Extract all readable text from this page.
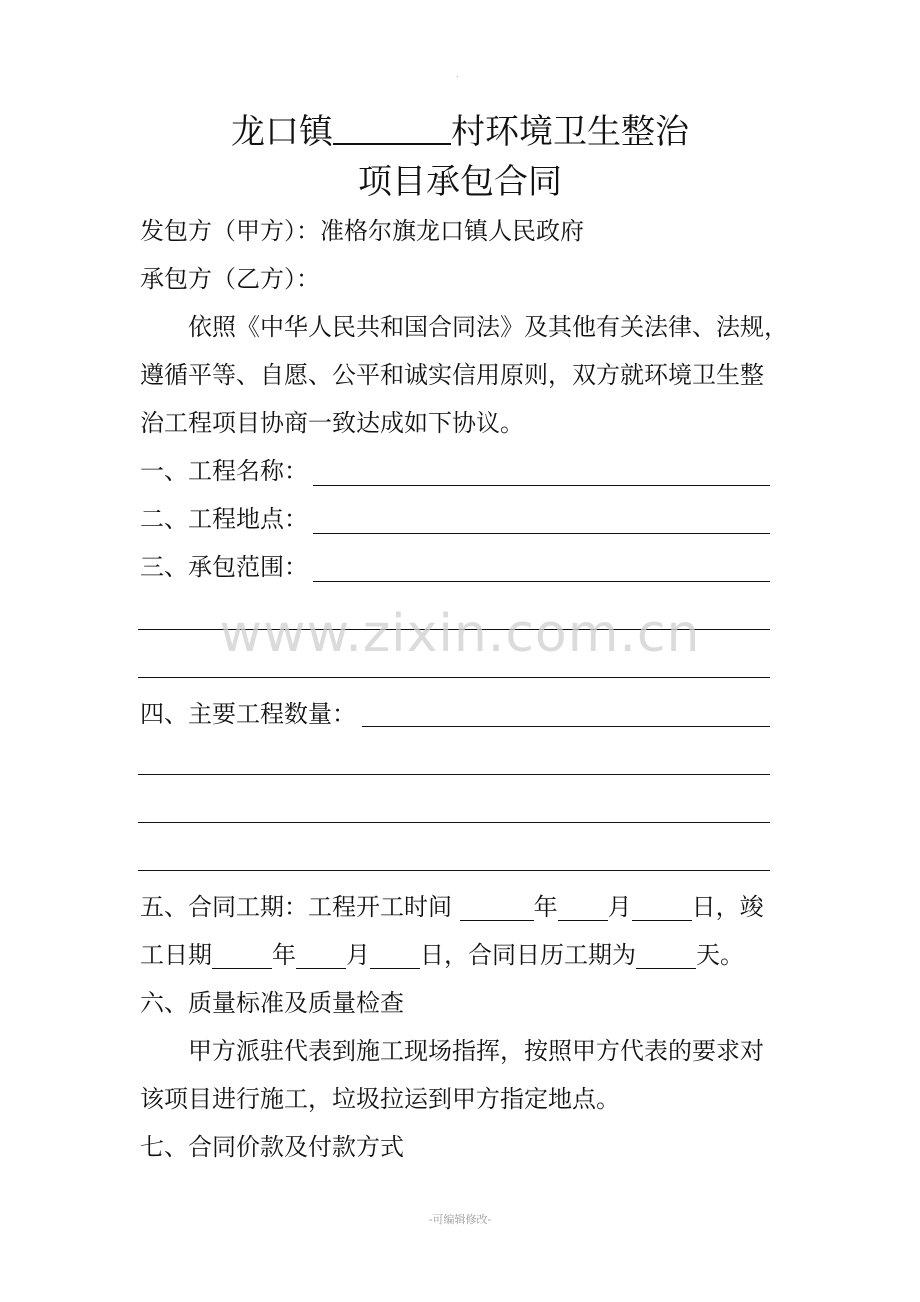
.
龙口镇	村环境卫生整治
项目承包合同
发包方（甲方）：准格尔旗龙口镇人民政府
承包方（乙方）：
依照《中华人民共和国合同法》及其他有关法律、法规，
遵循平等、自愿、公平和诚实信用原则，双方就环境卫生整
治工程项目协商一致达成如下协议。
一、工程名称：
二、工程地点：
三、承包范围：
四、主要工程数量：
五、合同工期：工程开工时间	年 月	日，竣
工日期	年 月 日，合同日历工期为	天。
六、质量标准及质量检查
甲方派驻代表到施工现场指挥，按照甲方代表的要求对
该项目进行施工，垃圾拉运到甲方指定地点。
七、合同价款及付款方式
www.zixin.com.cn
-可编辑修改-
